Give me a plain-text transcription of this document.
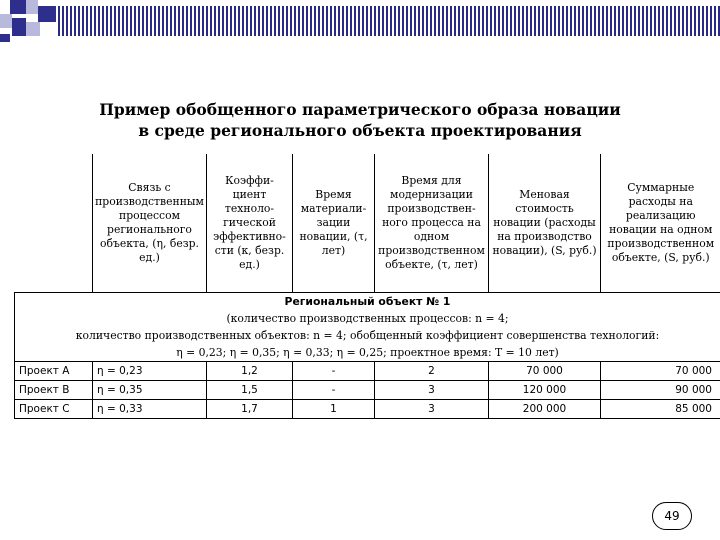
Пример обобщенного параметрического образа новации
в среде регионального объекта проектирования
	Связь с производственным процессом регионального объекта, (η, безр. ед.)	Коэффи-циент техноло-гической эффективно-сти (к, безр. ед.)	Время материали-зации новации, (τ, лет)	Время для модернизации производствен-ного процесса на одном производственном объекте, (τ, лет)	Меновая стоимость новации (расходы на производство новации), (S, руб.)	Суммарные расходы на реализацию новации на одном производственном объекте, (S, руб.)

Региональный объект № 1
(количество производственных процессов: n = 4;
количество производственных объектов: n = 4; обобщенный коэффициент совершенства технологий:
η = 0,23; η = 0,35; η = 0,33; η = 0,25; проектное время: T = 10 лет)						

Проект А	η = 0,23	1,2	-	2	70 000	70 000
Проект В	η = 0,35	1,5	-	3	120 000	90 000
Проект С	η = 0,33	1,7	1	3	200 000	85 000
49
